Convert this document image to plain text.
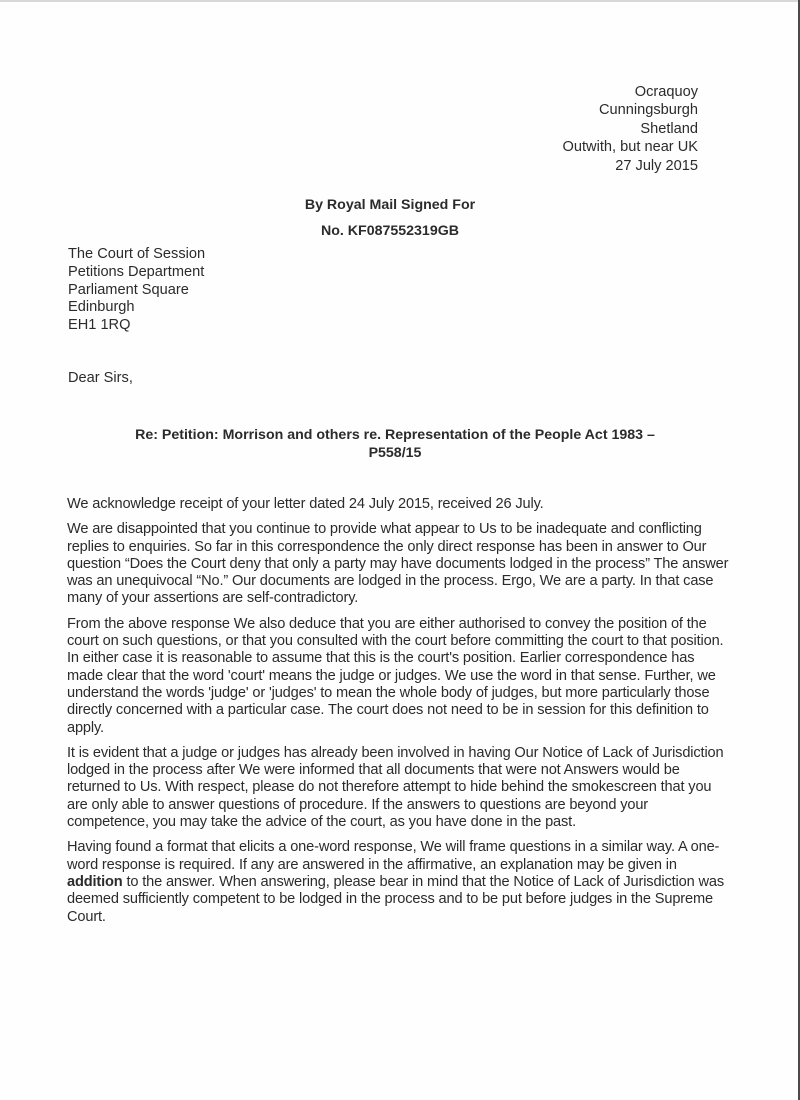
Ocraquoy
Cunningsburgh
Shetland
Outwith, but near UK
27 July 2015
By Royal Mail Signed For
No. KF087552319GB
The Court of Session
Petitions Department
Parliament Square
Edinburgh
EH1 1RQ
Dear Sirs,
Re: Petition: Morrison and others re. Representation of the People Act 1983 –
P558/15

We acknowledge receipt of your letter dated 24 July 2015, received 26 July.

We are disappointed that you continue to provide what appear to Us to be inadequate and conflicting replies to enquiries. So far in this correspondence the only direct response has been in answer to Our question “Does the Court deny that only a party may have documents lodged in the process” The answer was an unequivocal “No.” Our documents are lodged in the process. Ergo, We are a party. In that case many of your assertions are self-contradictory.

From the above response We also deduce that you are either authorised to convey the position of the court on such questions, or that you consulted with the court before committing the court to that position. In either case it is reasonable to assume that this is the court's position. Earlier correspondence has made clear that the word 'court' means the judge or judges. We use the word in that sense. Further, we understand the words 'judge' or 'judges' to mean the whole body of judges, but more particularly those directly concerned with a particular case. The court does not need to be in session for this definition to apply.

It is evident that a judge or judges has already been involved in having Our Notice of Lack of Jurisdiction lodged in the process after We were informed that all documents that were not Answers would be returned to Us. With respect, please do not therefore attempt to hide behind the smokescreen that you are only able to answer questions of procedure. If the answers to questions are beyond your competence, you may take the advice of the court, as you have done in the past.

Having found a format that elicits a one-word response, We will frame questions in a similar way. A one-word response is required. If any are answered in the affirmative, an explanation may be given in addition to the answer. When answering, please bear in mind that the Notice of Lack of Jurisdiction was deemed sufficiently competent to be lodged in the process and to be put before judges in the Supreme Court.
